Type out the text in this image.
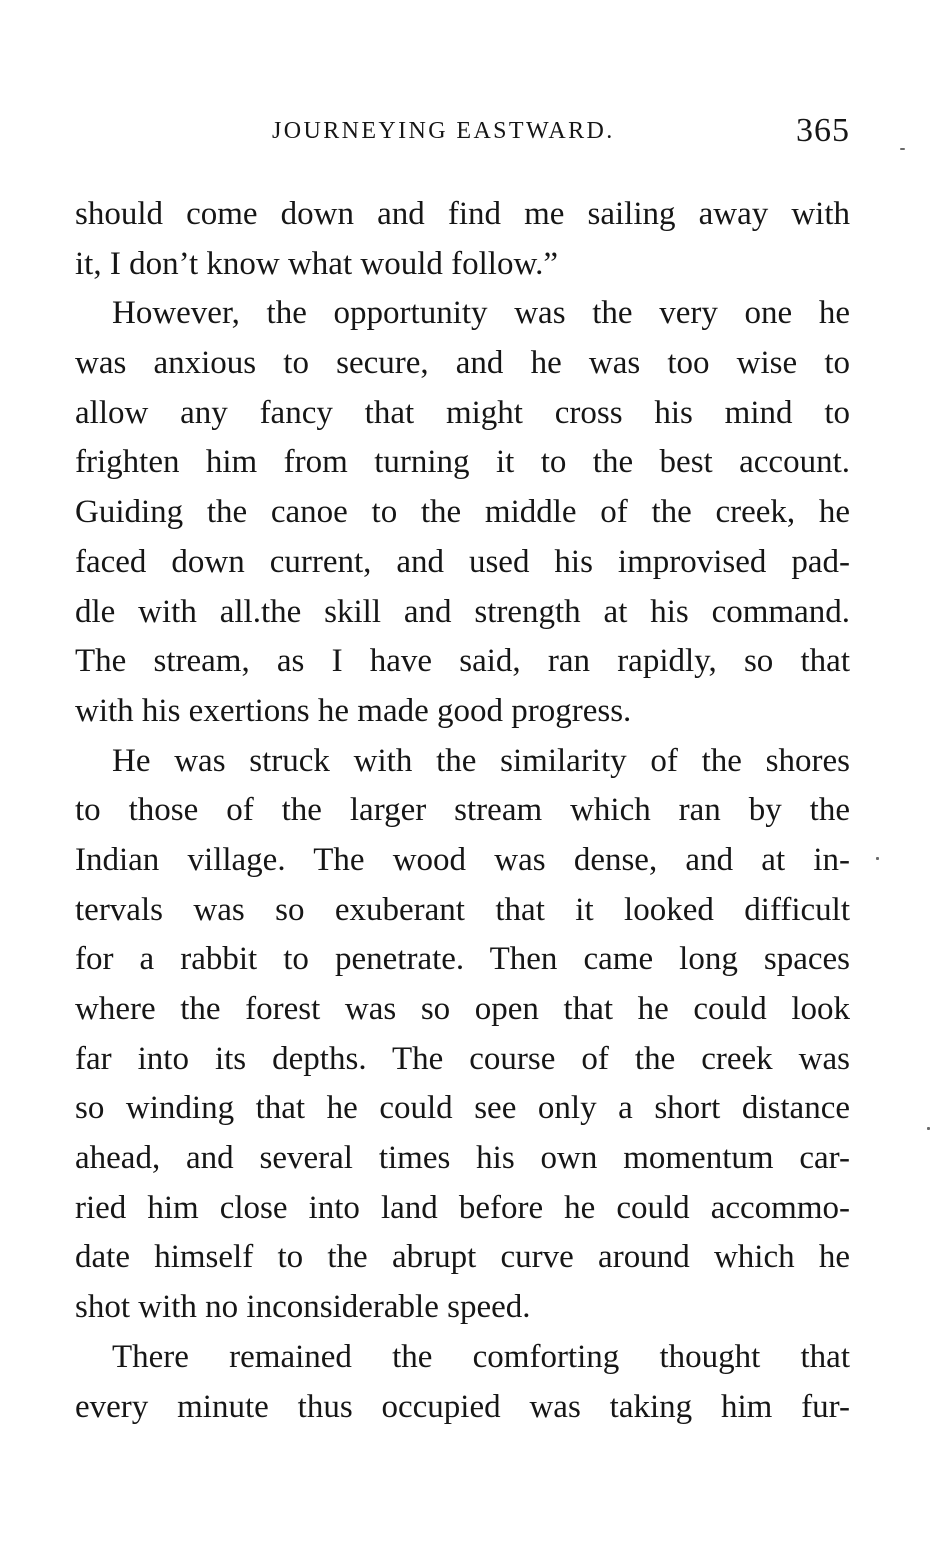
JOURNEYING EASTWARD.	365
should come down and find me sailing away with
it, I don’t know what would follow.”
However, the opportunity was the very one he
was anxious to secure, and he was too wise to
allow any fancy that might cross his mind to
frighten him from turning it to the best account.
Guiding the canoe to the middle of the creek, he
faced down current, and used his improvised pad-
dle with all.the skill and strength at his command.
The stream, as I have said, ran rapidly, so that
with his exertions he made good progress.
He was struck with the similarity of the shores
to those of the larger stream which ran by the
Indian village. The wood was dense, and at in-
tervals was so exuberant that it looked difficult
for a rabbit to penetrate. Then came long spaces
where the forest was so open that he could look
far into its depths. The course of the creek was
so winding that he could see only a short distance
ahead, and several times his own momentum car-
ried him close into land before he could accommo-
date himself to the abrupt curve around which he
shot with no inconsiderable speed.
There remained the comforting thought that
every minute thus occupied was taking him fur-
